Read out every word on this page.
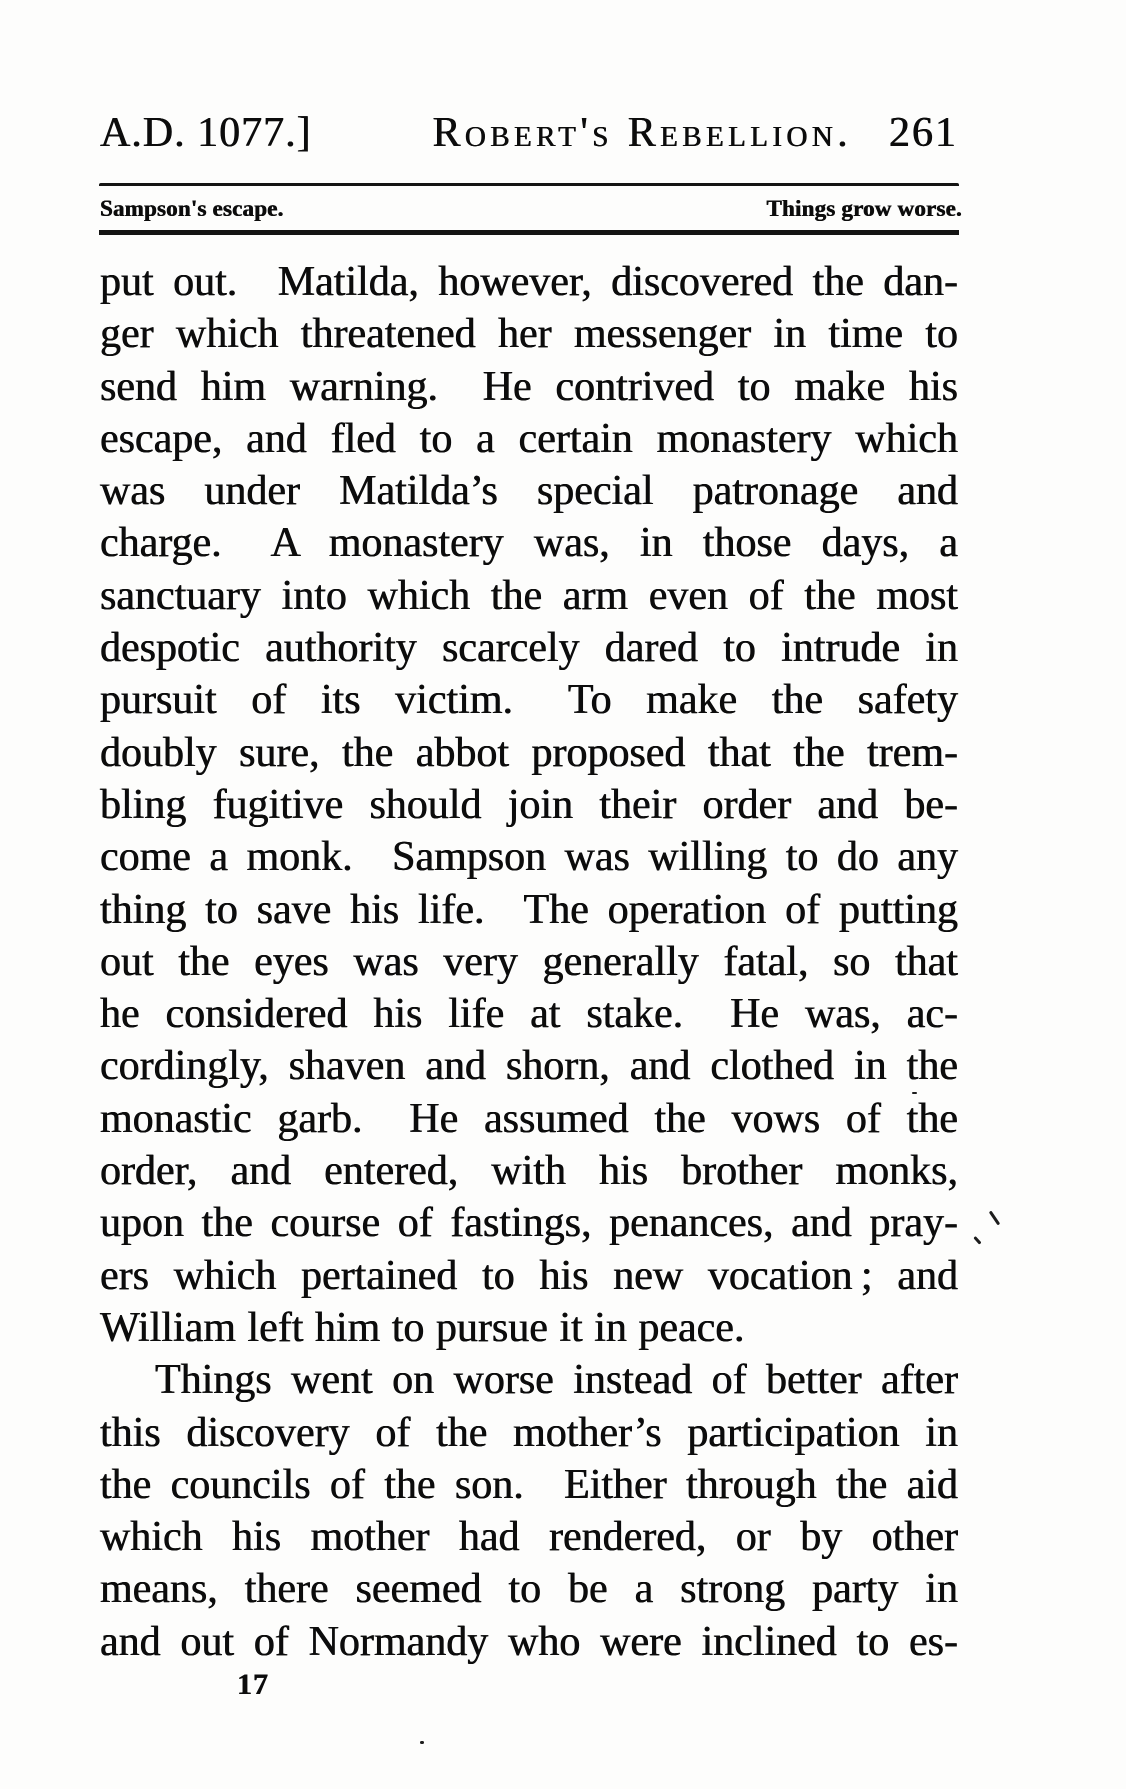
A.D. 1077.]	Robert's Rebellion. 261
Sampson's escape.	Things grow worse.
put out.  Matilda, however, discovered the dan-
ger which threatened her messenger in time to
send him warning.  He contrived to make his
escape, and fled to a certain monastery which
was under Matilda’s special patronage and
charge.  A monastery was, in those days, a
sanctuary into which the arm even of the most
despotic authority scarcely dared to intrude in
pursuit of its victim.  To make the safety
doubly sure, the abbot proposed that the trem-
bling fugitive should join their order and be-
come a monk.  Sampson was willing to do any
thing to save his life.  The operation of putting
out the eyes was very generally fatal, so that
he considered his life at stake.  He was, ac-
cordingly, shaven and shorn, and clothed in the
monastic garb.  He assumed the vows of the
order, and entered, with his brother monks,
upon the course of fastings, penances, and pray-
ers which pertained to his new vocation ; and
William left him to pursue it in peace.
Things went on worse instead of better after
this discovery of the mother’s participation in
the councils of the son.  Either through the aid
which his mother had rendered, or by other
means, there seemed to be a strong party in
and out of Normandy who were inclined to es-
17
